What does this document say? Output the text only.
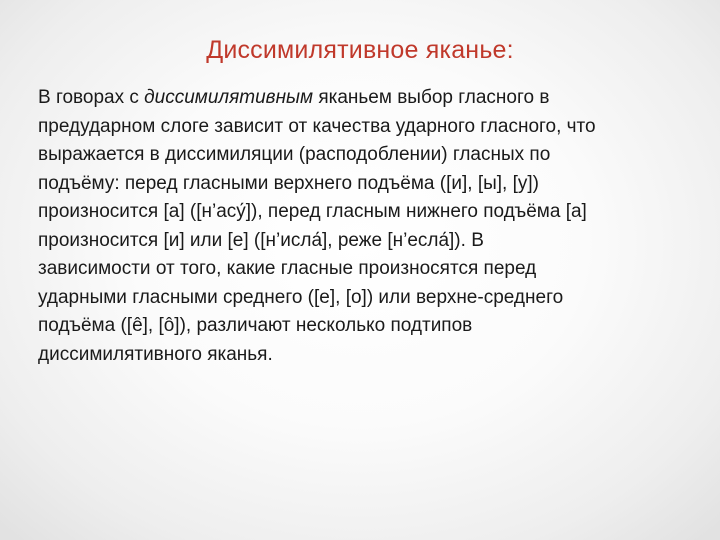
Диссимилятивное яканье:
В говорах с диссимилятивным яканьем выбор гласного в
предударном слоге зависит от качества ударного гласного, что
выражается в диссимиляции (расподоблении) гласных по
подъёму: перед гласными верхнего подъёма ([и], [ы], [у])
произносится [а] ([н’асу́]), перед гласным нижнего подъёма [а]
произносится [и] или [е] ([н’исла́], реже [н’есла́]). В
зависимости от того, какие гласные произносятся перед
ударными гласными среднего ([е], [о]) или верхне-среднего
подъёма ([ê], [ô]), различают несколько подтипов
диссимилятивного яканья.
